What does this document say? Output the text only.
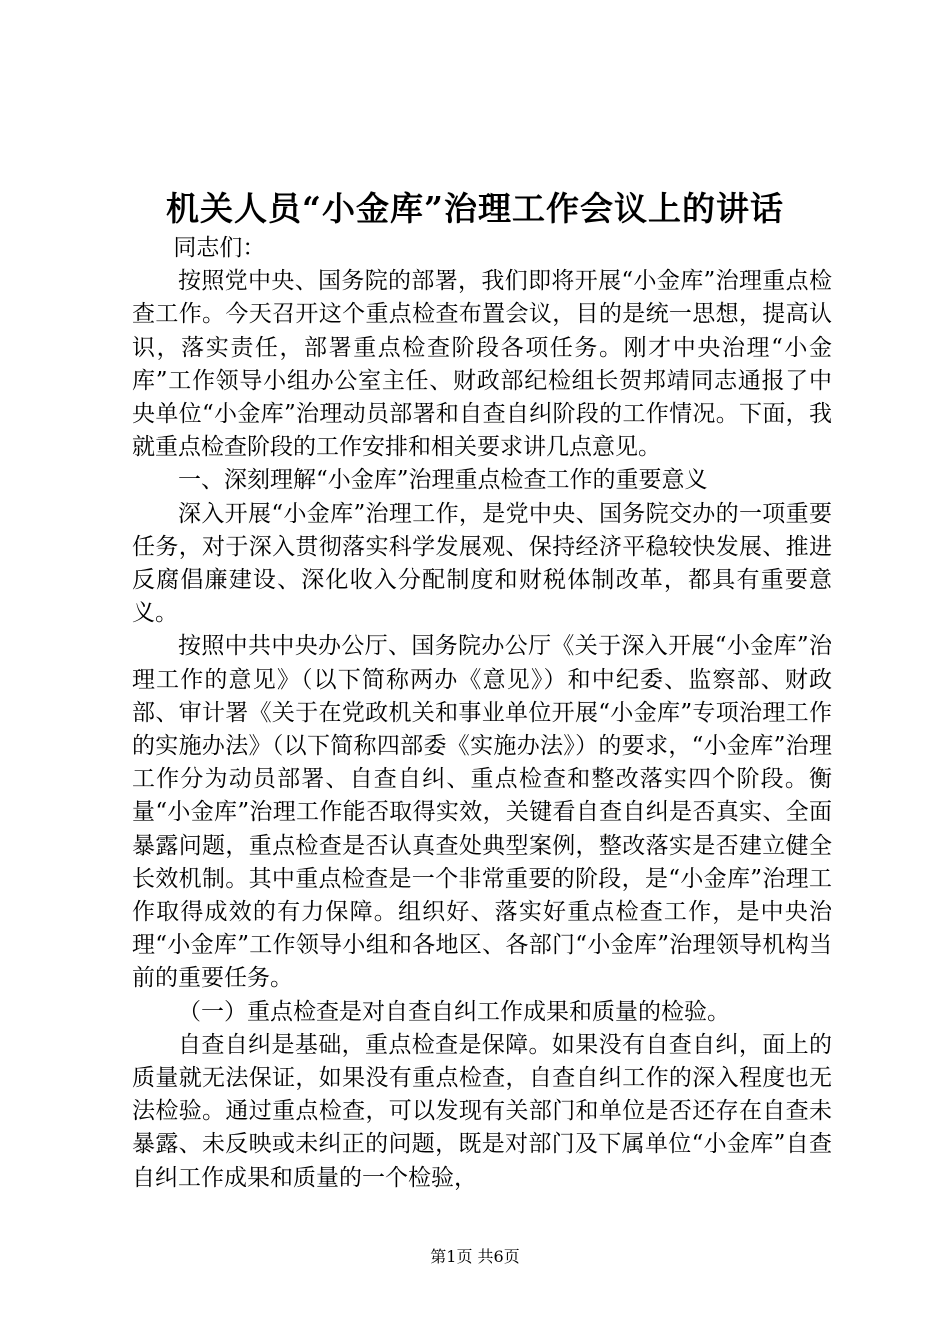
机关人员“小金库”治理工作会议上的讲话

同志们：

按照党中央、国务院的部署，我们即将开展“小金库”治理重点检查工作。今天召开这个重点检查布置会议，目的是统一思想，提高认识，落实责任，部署重点检查阶段各项任务。刚才中央治理“小金库”工作领导小组办公室主任、财政部纪检组长贺邦靖同志通报了中央单位“小金库”治理动员部署和自查自纠阶段的工作情况。下面，我就重点检查阶段的工作安排和相关要求讲几点意见。

一、深刻理解“小金库”治理重点检查工作的重要意义

深入开展“小金库”治理工作，是党中央、国务院交办的一项重要任务，对于深入贯彻落实科学发展观、保持经济平稳较快发展、推进反腐倡廉建设、深化收入分配制度和财税体制改革，都具有重要意义。

按照中共中央办公厅、国务院办公厅《关于深入开展“小金库”治理工作的意见》（以下简称两办《意见》）和中纪委、监察部、财政部、审计署《关于在党政机关和事业单位开展“小金库”专项治理工作的实施办法》（以下简称四部委《实施办法》）的要求，“小金库”治理工作分为动员部署、自查自纠、重点检查和整改落实四个阶段。衡量“小金库”治理工作能否取得实效，关键看自查自纠是否真实、全面暴露问题，重点检查是否认真查处典型案例，整改落实是否建立健全长效机制。其中重点检查是一个非常重要的阶段，是“小金库”治理工作取得成效的有力保障。组织好、落实好重点检查工作，是中央治理“小金库”工作领导小组和各地区、各部门“小金库”治理领导机构当前的重要任务。

（一）重点检查是对自查自纠工作成果和质量的检验。

自查自纠是基础，重点检查是保障。如果没有自查自纠，面上的质量就无法保证，如果没有重点检查，自查自纠工作的深入程度也无法检验。通过重点检查，可以发现有关部门和单位是否还存在自查未暴露、未反映或未纠正的问题，既是对部门及下属单位“小金库”自查自纠工作成果和质量的一个检验，

第1页 共6页
